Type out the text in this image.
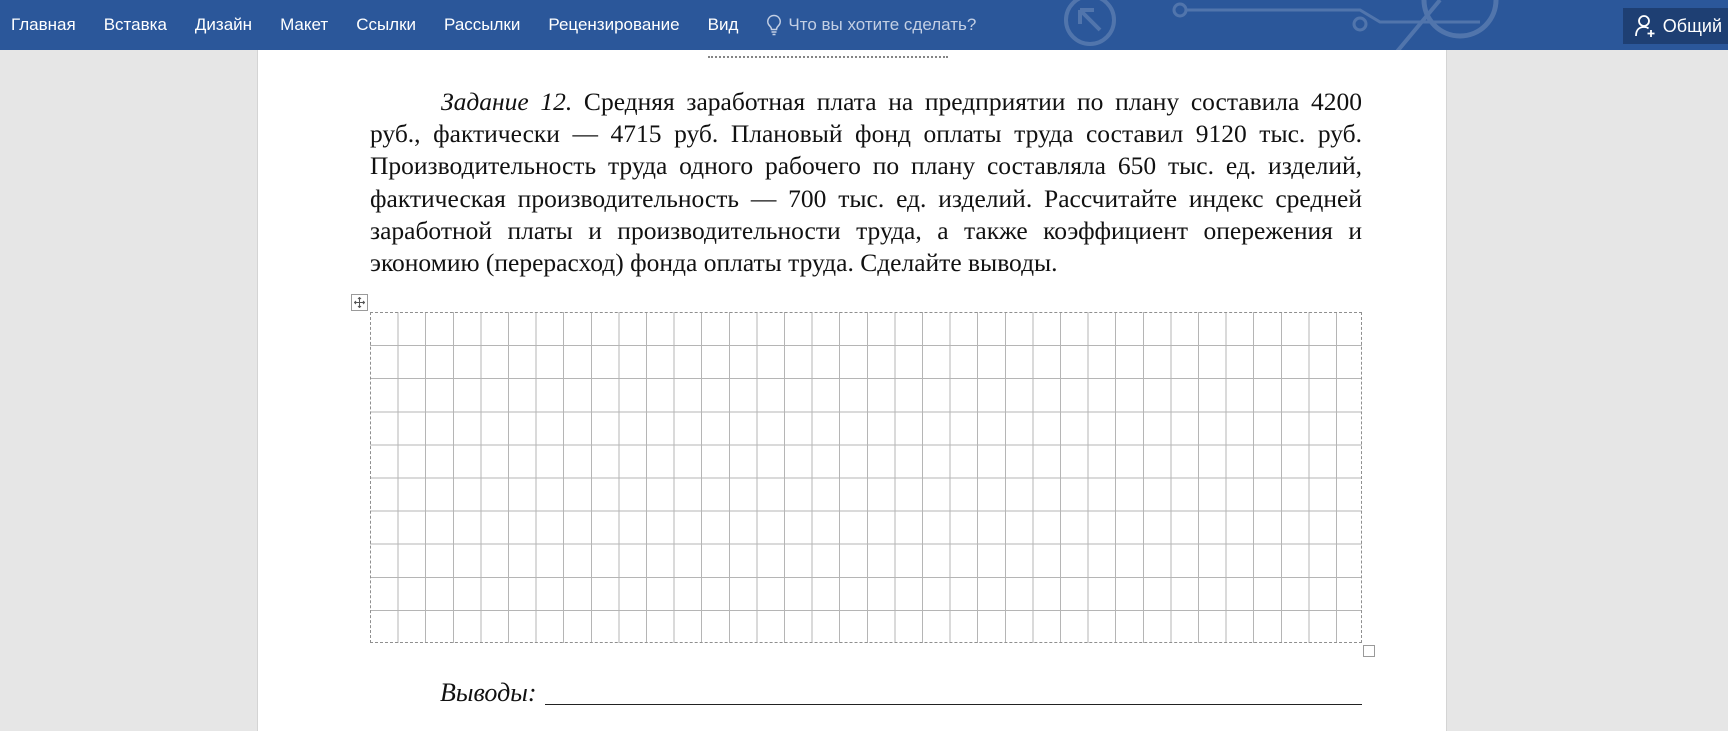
Главная	Вставка	Дизайн	Макет	Ссылки	Рассылки	Рецензирование	Вид	Что вы хотите сделать?	Общий

Задание 12. Средняя заработная плата на предприятии по плану составила 4200 руб., фактически — 4715 руб. Плановый фонд оплаты труда составил 9120 тыс. руб. Производительность труда одного рабочего по плану составляла 650 тыс. ед. изделий, фактическая производительность — 700 тыс. ед. изделий. Рассчитайте индекс средней заработной платы и производительности труда, а также коэффициент опережения и экономию (перерасход) фонда оплаты труда. Сделайте выводы.

Выводы:
